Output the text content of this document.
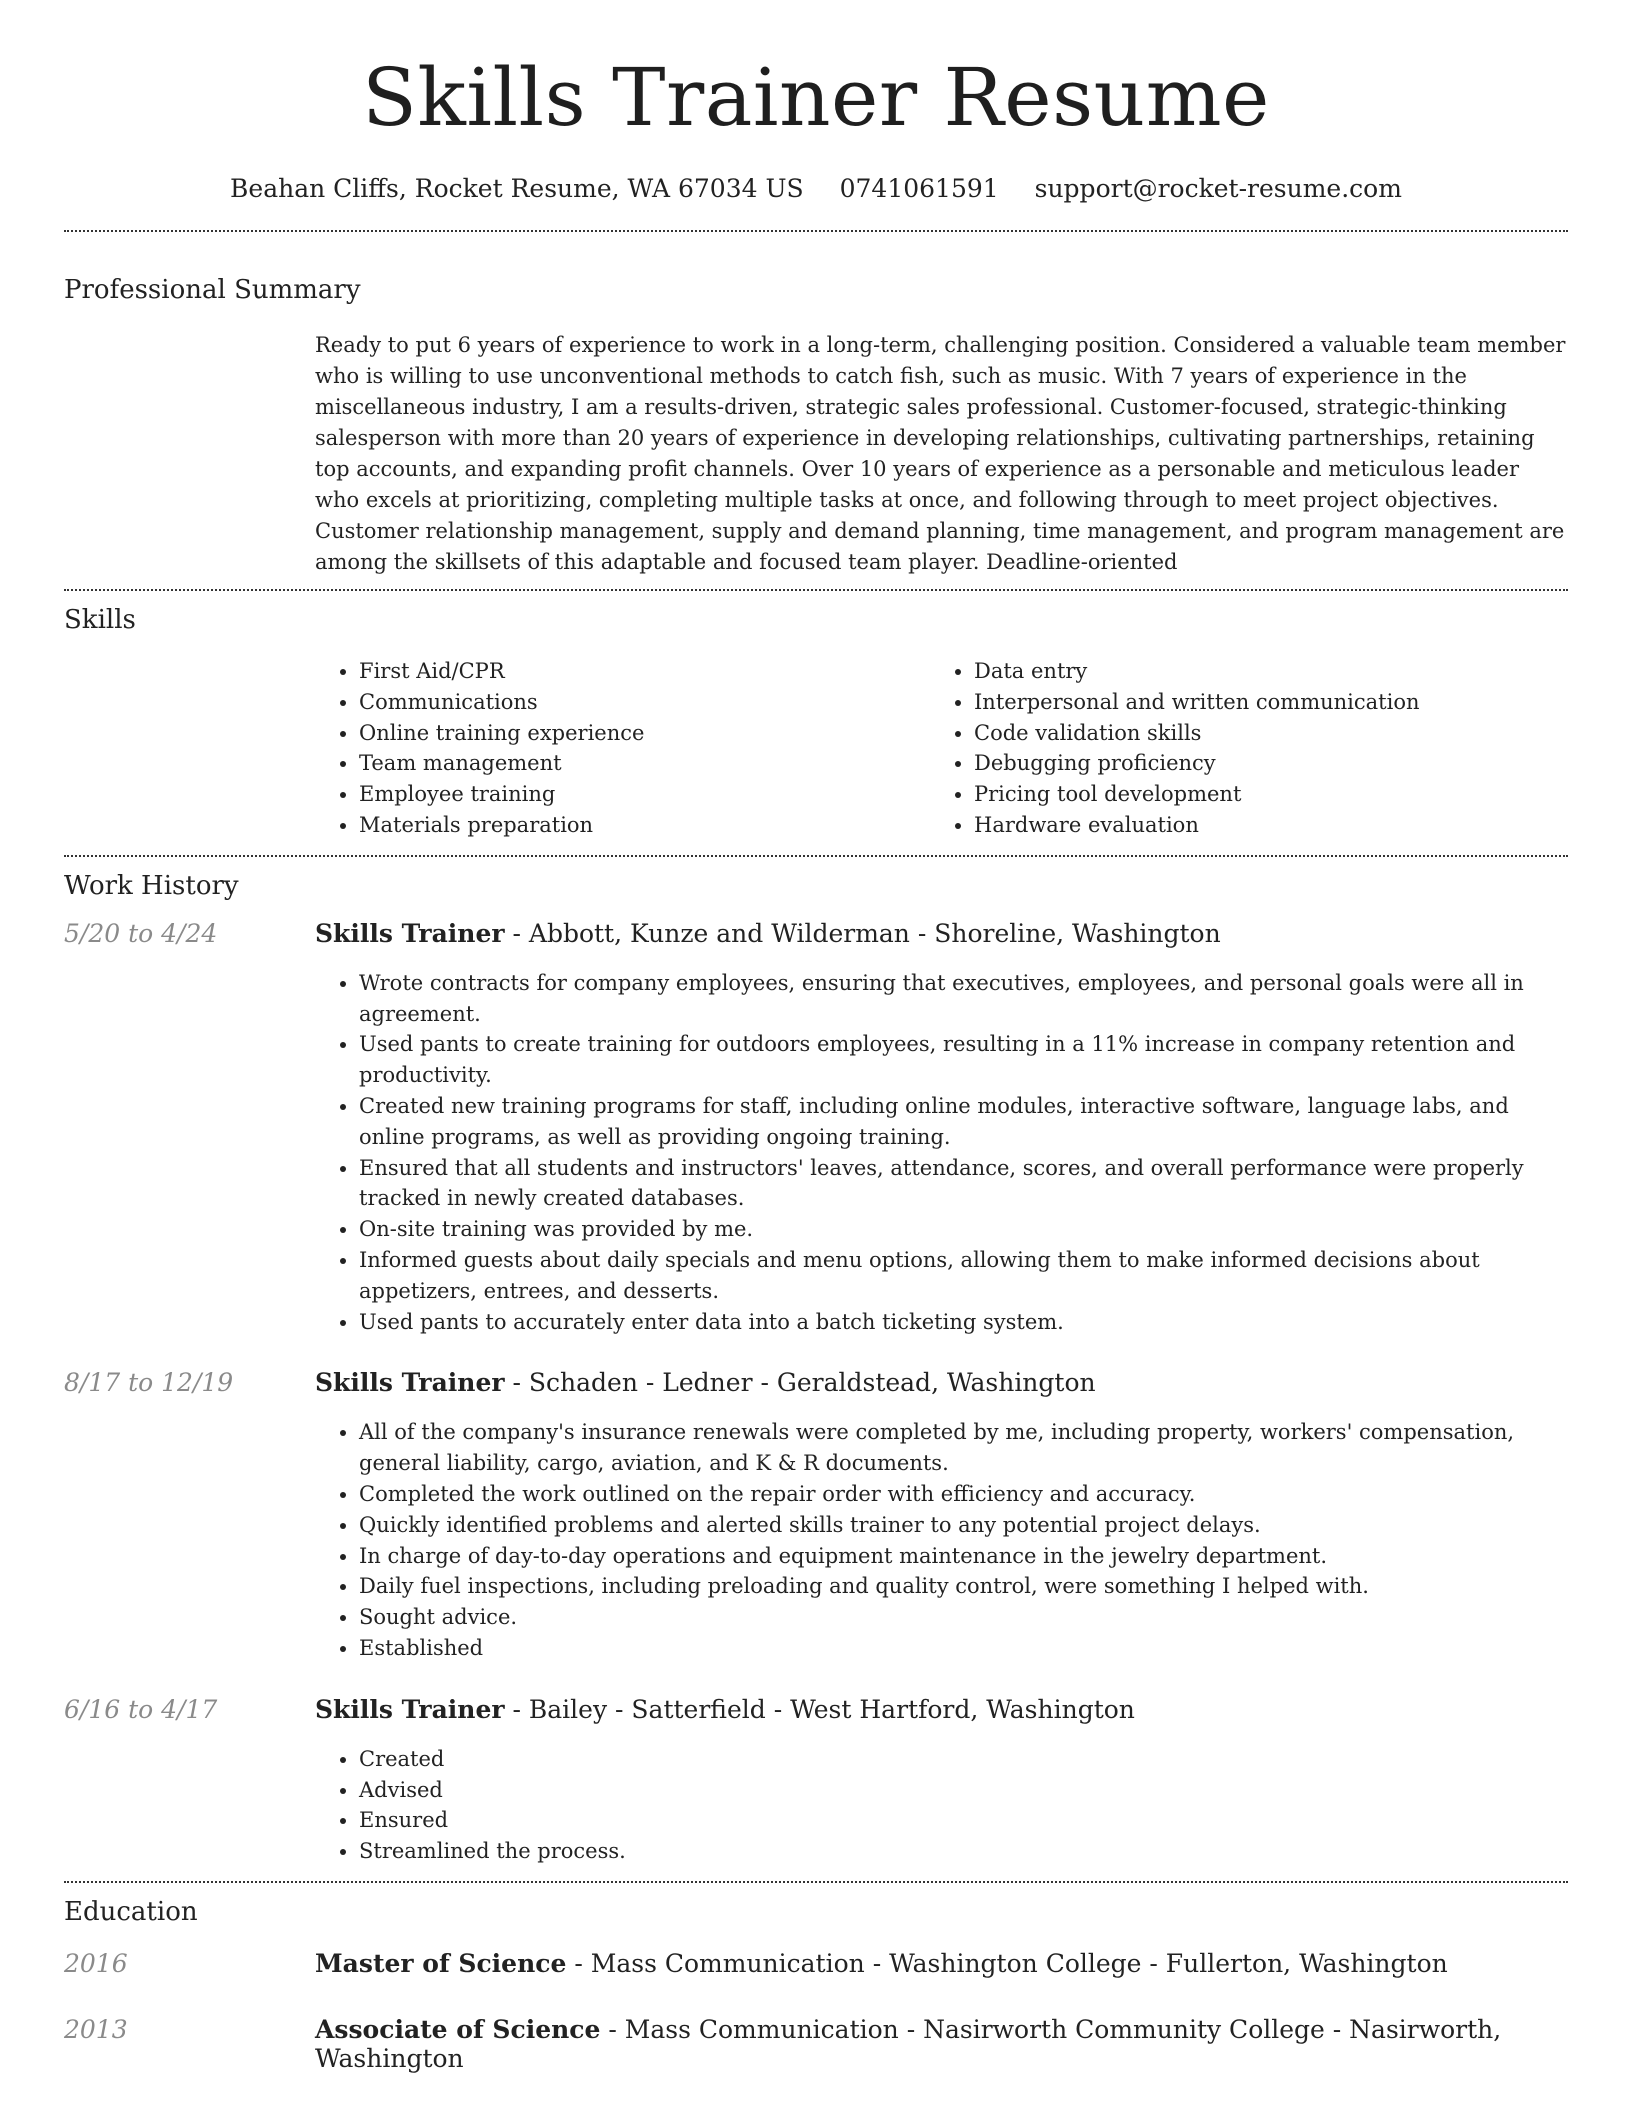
Skills Trainer Resume
Beahan Cliffs, Rocket Resume, WA 67034 US 0741061591 support@rocket-resume.com
Professional Summary
Ready to put 6 years of experience to work in a long-term, challenging position. Considered a valuable team member who is willing to use unconventional methods to catch fish, such as music. With 7 years of experience in the miscellaneous industry, I am a results-driven, strategic sales professional. Customer-focused, strategic-thinking salesperson with more than 20 years of experience in developing relationships, cultivating partnerships, retaining top accounts, and expanding profit channels. Over 10 years of experience as a personable and meticulous leader who excels at prioritizing, completing multiple tasks at once, and following through to meet project objectives. Customer relationship management, supply and demand planning, time management, and program management are among the skillsets of this adaptable and focused team player. Deadline-oriented
Skills
• First Aid/CPR
• Communications
• Online training experience
• Team management
• Employee training
• Materials preparation
• Data entry
• Interpersonal and written communication
• Code validation skills
• Debugging proficiency
• Pricing tool development
• Hardware evaluation
Work History
5/20 to 4/24	Skills Trainer - Abbott, Kunze and Wilderman - Shoreline, Washington
• Wrote contracts for company employees, ensuring that executives, employees, and personal goals were all in agreement.
• Used pants to create training for outdoors employees, resulting in a 11% increase in company retention and productivity.
• Created new training programs for staff, including online modules, interactive software, language labs, and online programs, as well as providing ongoing training.
• Ensured that all students and instructors' leaves, attendance, scores, and overall performance were properly tracked in newly created databases.
• On-site training was provided by me.
• Informed guests about daily specials and menu options, allowing them to make informed decisions about appetizers, entrees, and desserts.
• Used pants to accurately enter data into a batch ticketing system.
8/17 to 12/19	Skills Trainer - Schaden - Ledner - Geraldstead, Washington
• All of the company's insurance renewals were completed by me, including property, workers' compensation, general liability, cargo, aviation, and K & R documents.
• Completed the work outlined on the repair order with efficiency and accuracy.
• Quickly identified problems and alerted skills trainer to any potential project delays.
• In charge of day-to-day operations and equipment maintenance in the jewelry department.
• Daily fuel inspections, including preloading and quality control, were something I helped with.
• Sought advice.
• Established
6/16 to 4/17	Skills Trainer - Bailey - Satterfield - West Hartford, Washington
• Created
• Advised
• Ensured
• Streamlined the process.
Education
2016	Master of Science - Mass Communication - Washington College - Fullerton, Washington
2013	Associate of Science - Mass Communication - Nasirworth Community College - Nasirworth, Washington
